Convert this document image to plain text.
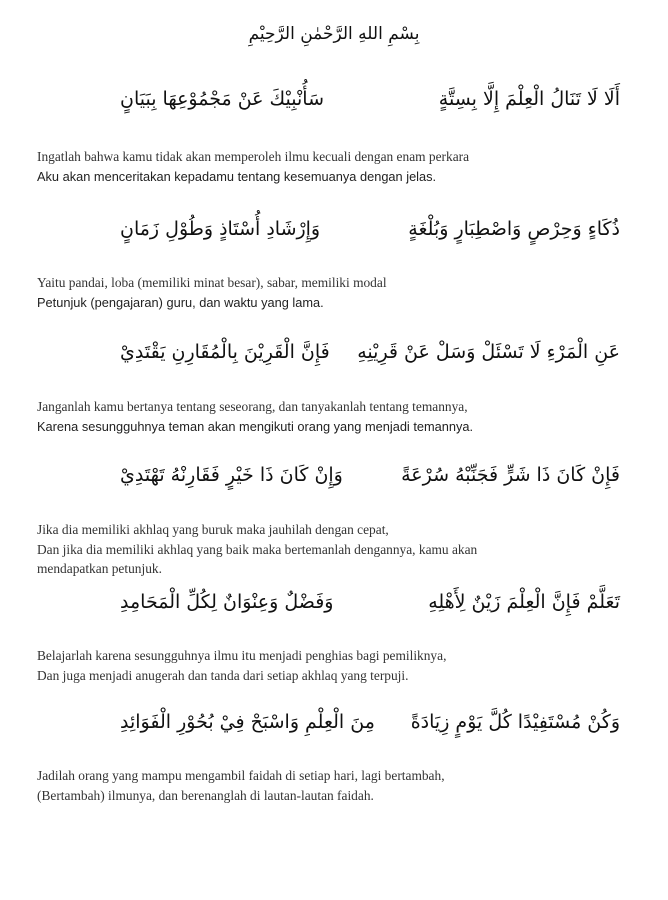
بِسْمِ اللهِ الرَّحْمٰنِ الرَّحِيْمِ
أَلَا لَا تَنَالُ الْعِلْمَ إِلَّا بِسِتَّةٍ
سَأُنْبِيْكَ عَنْ مَجْمُوْعِهَا بِبَيَانٍ
Ingatlah bahwa kamu tidak akan memperoleh ilmu kecuali dengan enam perkara
Aku akan menceritakan kepadamu tentang kesemuanya dengan jelas.
ذُكَاءٍ وَحِرْصٍ وَاصْطِبَارٍ وَبُلْغَةٍ
وَإِرْشَادِ أُسْتَاذٍ وَطُوْلِ زَمَانٍ
Yaitu pandai, loba (memiliki minat besar), sabar, memiliki modal
Petunjuk (pengajaran) guru, dan waktu yang lama.
عَنِ الْمَرْءِ لَا تَسْئَلْ وَسَلْ عَنْ قَرِيْنِهِ
فَإِنَّ الْقَرِيْنَ بِالْمُقَارِنِ يَقْتَدِيْ
Janganlah kamu bertanya tentang seseorang, dan tanyakanlah tentang temannya,
Karena sesungguhnya teman akan mengikuti orang yang menjadi temannya.
فَإِنْ كَانَ ذَا شَرٍّ فَجَنِّبْهُ سُرْعَةً
وَإِنْ كَانَ ذَا خَيْرٍ فَقَارِنْهُ تَهْتَدِيْ
Jika dia memiliki akhlaq yang buruk maka jauhilah dengan cepat,
Dan jika dia memiliki akhlaq yang baik maka bertemanlah dengannya, kamu akan
mendapatkan petunjuk.
تَعَلَّمْ فَإِنَّ الْعِلْمَ زَيْنٌ لِأَهْلِهِ
وَفَضْلٌ وَعِنْوَانٌ لِكُلِّ الْمَحَامِدِ
Belajarlah karena sesungguhnya ilmu itu menjadi penghias bagi pemiliknya,
Dan juga menjadi anugerah dan tanda dari setiap akhlaq yang terpuji.
وَكُنْ مُسْتَفِيْدًا كُلَّ يَوْمٍ زِيَادَةً
مِنَ الْعِلْمِ وَاسْبَحْ فِيْ بُحُوْرِ الْفَوَائِدِ
Jadilah orang yang mampu mengambil faidah di setiap hari, lagi bertambah,
(Bertambah) ilmunya, dan berenanglah di lautan-lautan faidah.
